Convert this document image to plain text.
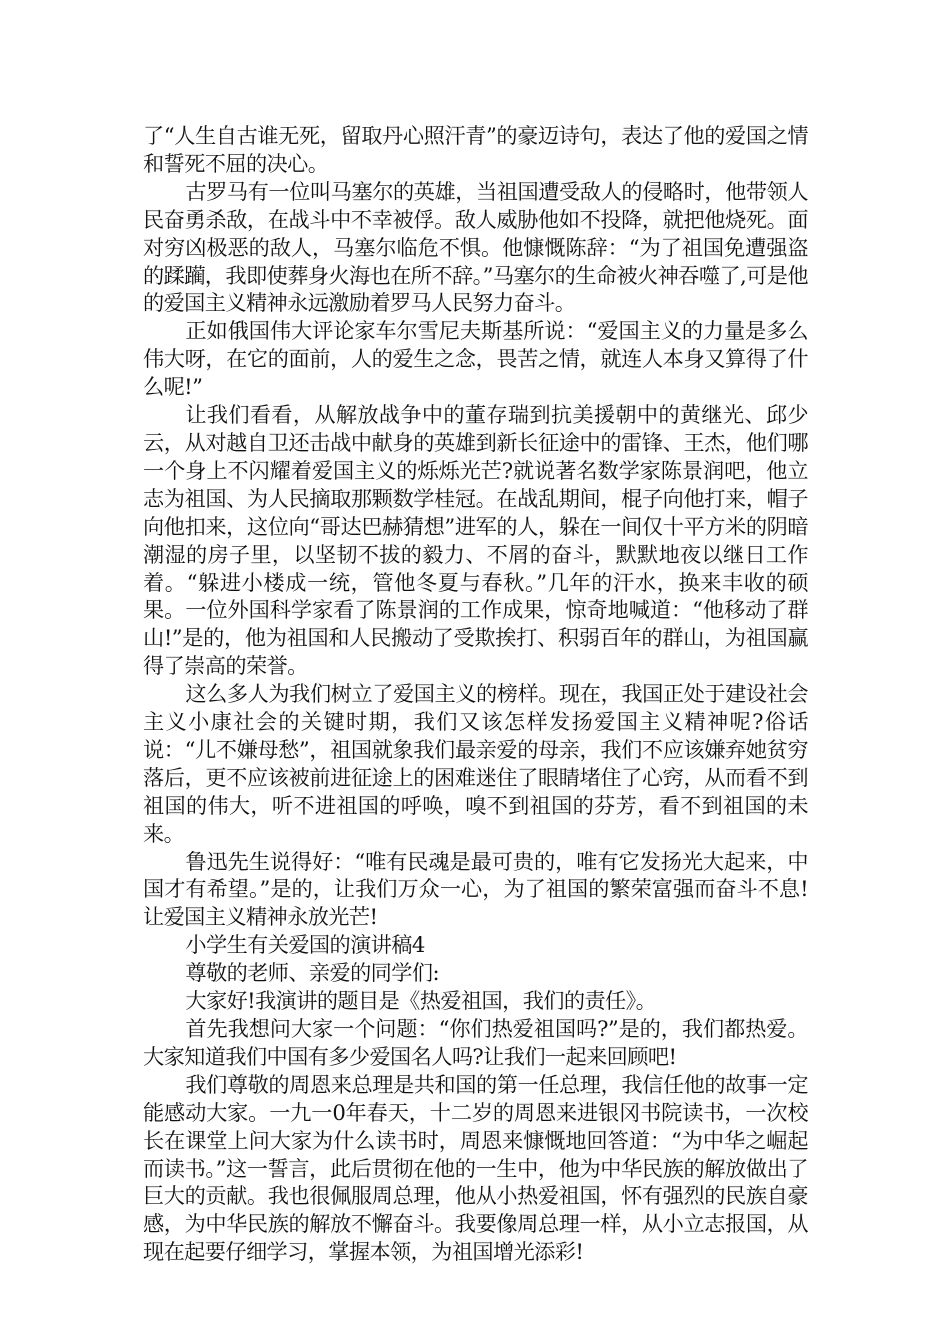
了“人生自古谁无死，留取丹心照汗青”的豪迈诗句，表达了他的爱国之情和誓死不屈的决心。

古罗马有一位叫马塞尔的英雄，当祖国遭受敌人的侵略时，他带领人民奋勇杀敌，在战斗中不幸被俘。敌人威胁他如不投降，就把他烧死。面对穷凶极恶的敌人，马塞尔临危不惧。他慷慨陈辞：“为了祖国免遭强盗的蹂躏，我即使葬身火海也在所不辞。”马塞尔的生命被火神吞噬了,可是他的爱国主义精神永远激励着罗马人民努力奋斗。

正如俄国伟大评论家车尔雪尼夫斯基所说：“爱国主义的力量是多么伟大呀，在它的面前，人的爱生之念，畏苦之情，就连人本身又算得了什么呢!”

让我们看看，从解放战争中的董存瑞到抗美援朝中的黄继光、邱少云，从对越自卫还击战中献身的英雄到新长征途中的雷锋、王杰，他们哪一个身上不闪耀着爱国主义的烁烁光芒?就说著名数学家陈景润吧，他立志为祖国、为人民摘取那颗数学桂冠。在战乱期间，棍子向他打来，帽子向他扣来，这位向“哥达巴赫猜想”进军的人，躲在一间仅十平方米的阴暗潮湿的房子里，以坚韧不拔的毅力、不屑的奋斗，默默地夜以继日工作着。“躲进小楼成一统，管他冬夏与春秋。”几年的汗水，换来丰收的硕果。一位外国科学家看了陈景润的工作成果，惊奇地喊道：“他移动了群山!”是的，他为祖国和人民搬动了受欺挨打、积弱百年的群山，为祖国赢得了崇高的荣誉。

这么多人为我们树立了爱国主义的榜样。现在，我国正处于建设社会主义小康社会的关键时期，我们又该怎样发扬爱国主义精神呢?俗话说：“儿不嫌母愁”，祖国就象我们最亲爱的母亲，我们不应该嫌弃她贫穷落后，更不应该被前进征途上的困难迷住了眼睛堵住了心窍，从而看不到祖国的伟大，听不进祖国的呼唤，嗅不到祖国的芬芳，看不到祖国的未来。

鲁迅先生说得好：“唯有民魂是最可贵的，唯有它发扬光大起来，中国才有希望。”是的，让我们万众一心，为了祖国的繁荣富强而奋斗不息!让爱国主义精神永放光芒!

小学生有关爱国的演讲稿4

尊敬的老师、亲爱的同学们:

大家好!我演讲的题目是《热爱祖国，我们的责任》。

首先我想问大家一个问题：“你们热爱祖国吗?”是的，我们都热爱。大家知道我们中国有多少爱国名人吗?让我们一起来回顾吧!

我们尊敬的周恩来总理是共和国的第一任总理，我信任他的故事一定能感动大家。一九一0年春天，十二岁的周恩来进银冈书院读书，一次校长在课堂上问大家为什么读书时，周恩来慷慨地回答道：“为中华之崛起而读书。”这一誓言，此后贯彻在他的一生中，他为中华民族的解放做出了巨大的贡献。我也很佩服周总理，他从小热爱祖国，怀有强烈的民族自豪感，为中华民族的解放不懈奋斗。我要像周总理一样，从小立志报国，从现在起要仔细学习，掌握本领，为祖国增光添彩!
